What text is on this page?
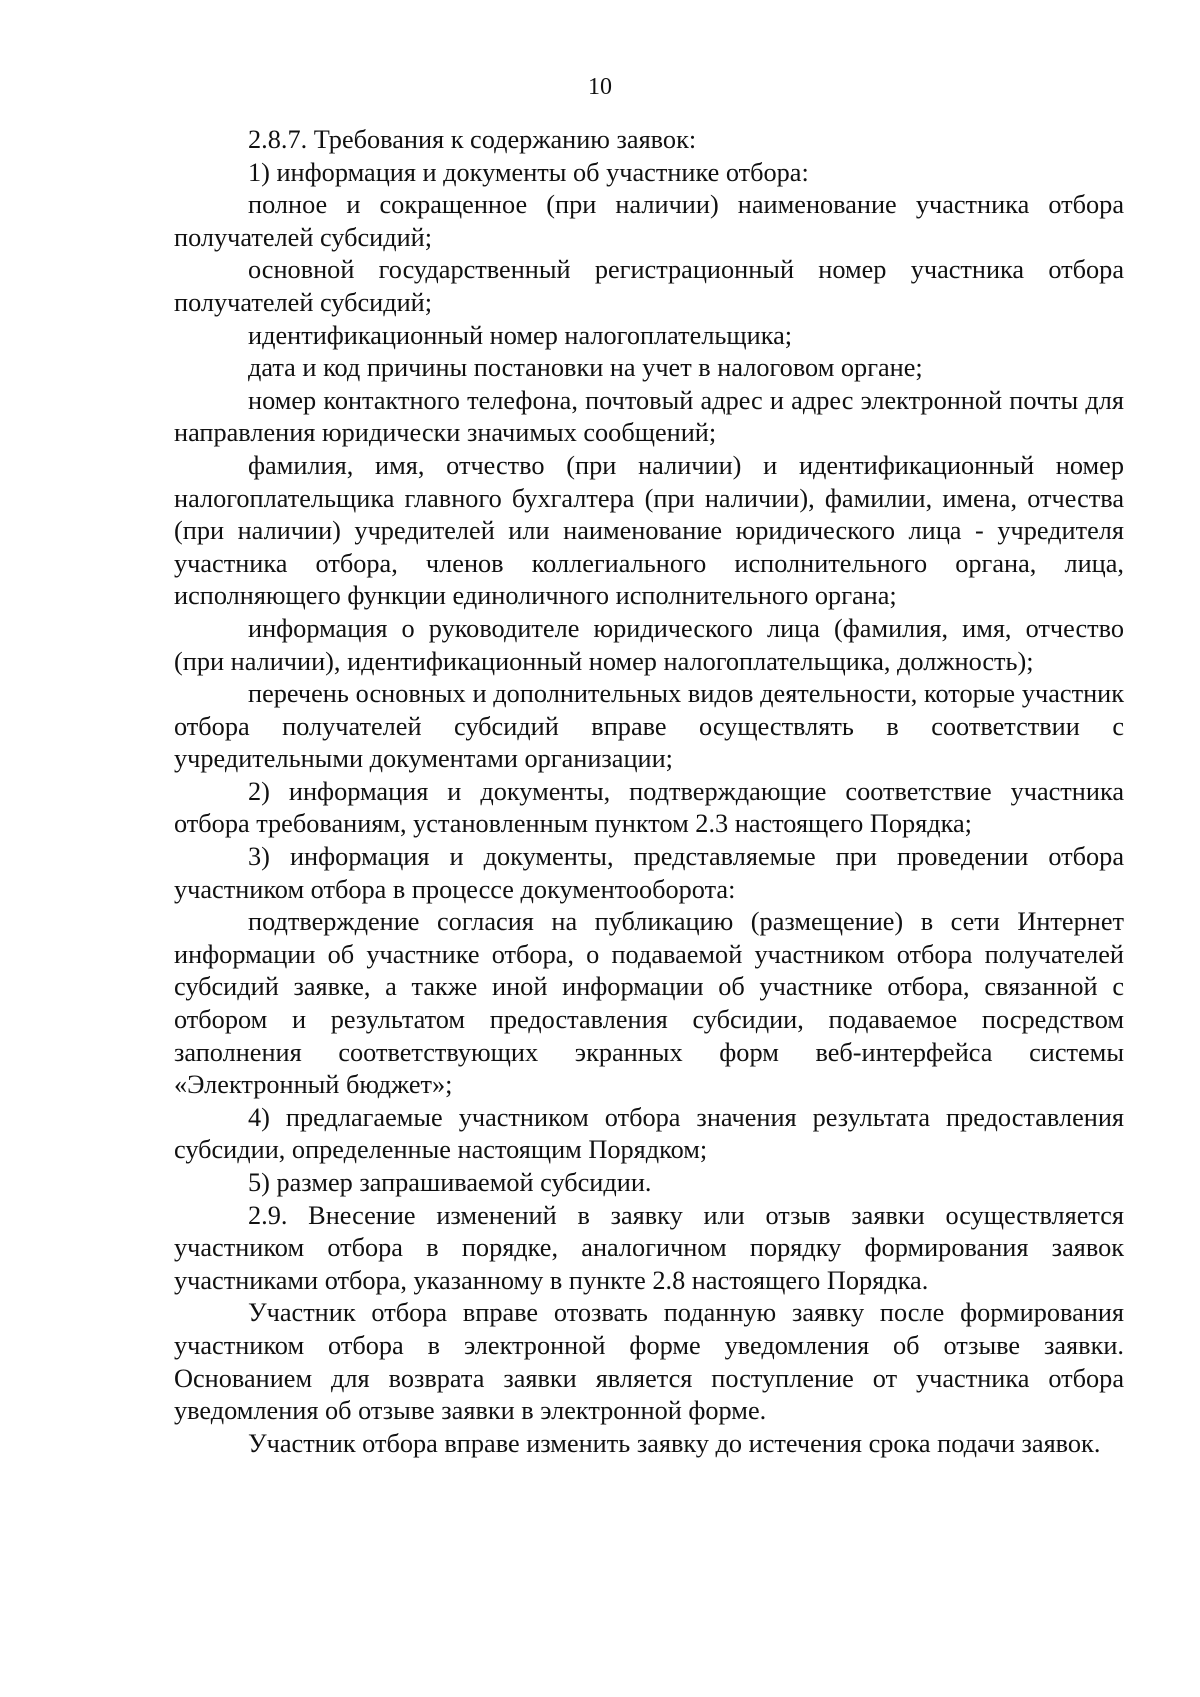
10

2.8.7. Требования к содержанию заявок:

1) информация и документы об участнике отбора:

полное и сокращенное (при наличии) наименование участника отбора получателей субсидий;

основной государственный регистрационный номер участника отбора получателей субсидий;

идентификационный номер налогоплательщика;

дата и код причины постановки на учет в налоговом органе;

номер контактного телефона, почтовый адрес и адрес электронной почты для направления юридически значимых сообщений;

фамилия, имя, отчество (при наличии) и идентификационный номер налогоплательщика главного бухгалтера (при наличии), фамилии, имена, отчества (при наличии) учредителей или наименование юридического лица - учредителя участника отбора, членов коллегиального исполнительного органа, лица, исполняющего функции единоличного исполнительного органа;

информация о руководителе юридического лица (фамилия, имя, отчество (при наличии), идентификационный номер налогоплательщика, должность);

перечень основных и дополнительных видов деятельности, которые участник отбора получателей субсидий вправе осуществлять в соответствии с учредительными документами организации;

2) информация и документы, подтверждающие соответствие участника отбора требованиям, установленным пунктом 2.3 настоящего Порядка;

3) информация и документы, представляемые при проведении отбора участником отбора в процессе документооборота:

подтверждение согласия на публикацию (размещение) в сети Интернет информации об участнике отбора, о подаваемой участником отбора получателей субсидий заявке, а также иной информации об участнике отбора, связанной с отбором и результатом предоставления субсидии, подаваемое посредством заполнения соответствующих экранных форм веб-интерфейса системы «Электронный бюджет»;

4) предлагаемые участником отбора значения результата предоставления субсидии, определенные настоящим Порядком;

5) размер запрашиваемой субсидии.

2.9. Внесение изменений в заявку или отзыв заявки осуществляется участником отбора в порядке, аналогичном порядку формирования заявок участниками отбора, указанному в пункте 2.8 настоящего Порядка.

Участник отбора вправе отозвать поданную заявку после формирования участником отбора в электронной форме уведомления об отзыве заявки. Основанием для возврата заявки является поступление от участника отбора уведомления об отзыве заявки в электронной форме.

Участник отбора вправе изменить заявку до истечения срока подачи заявок.
